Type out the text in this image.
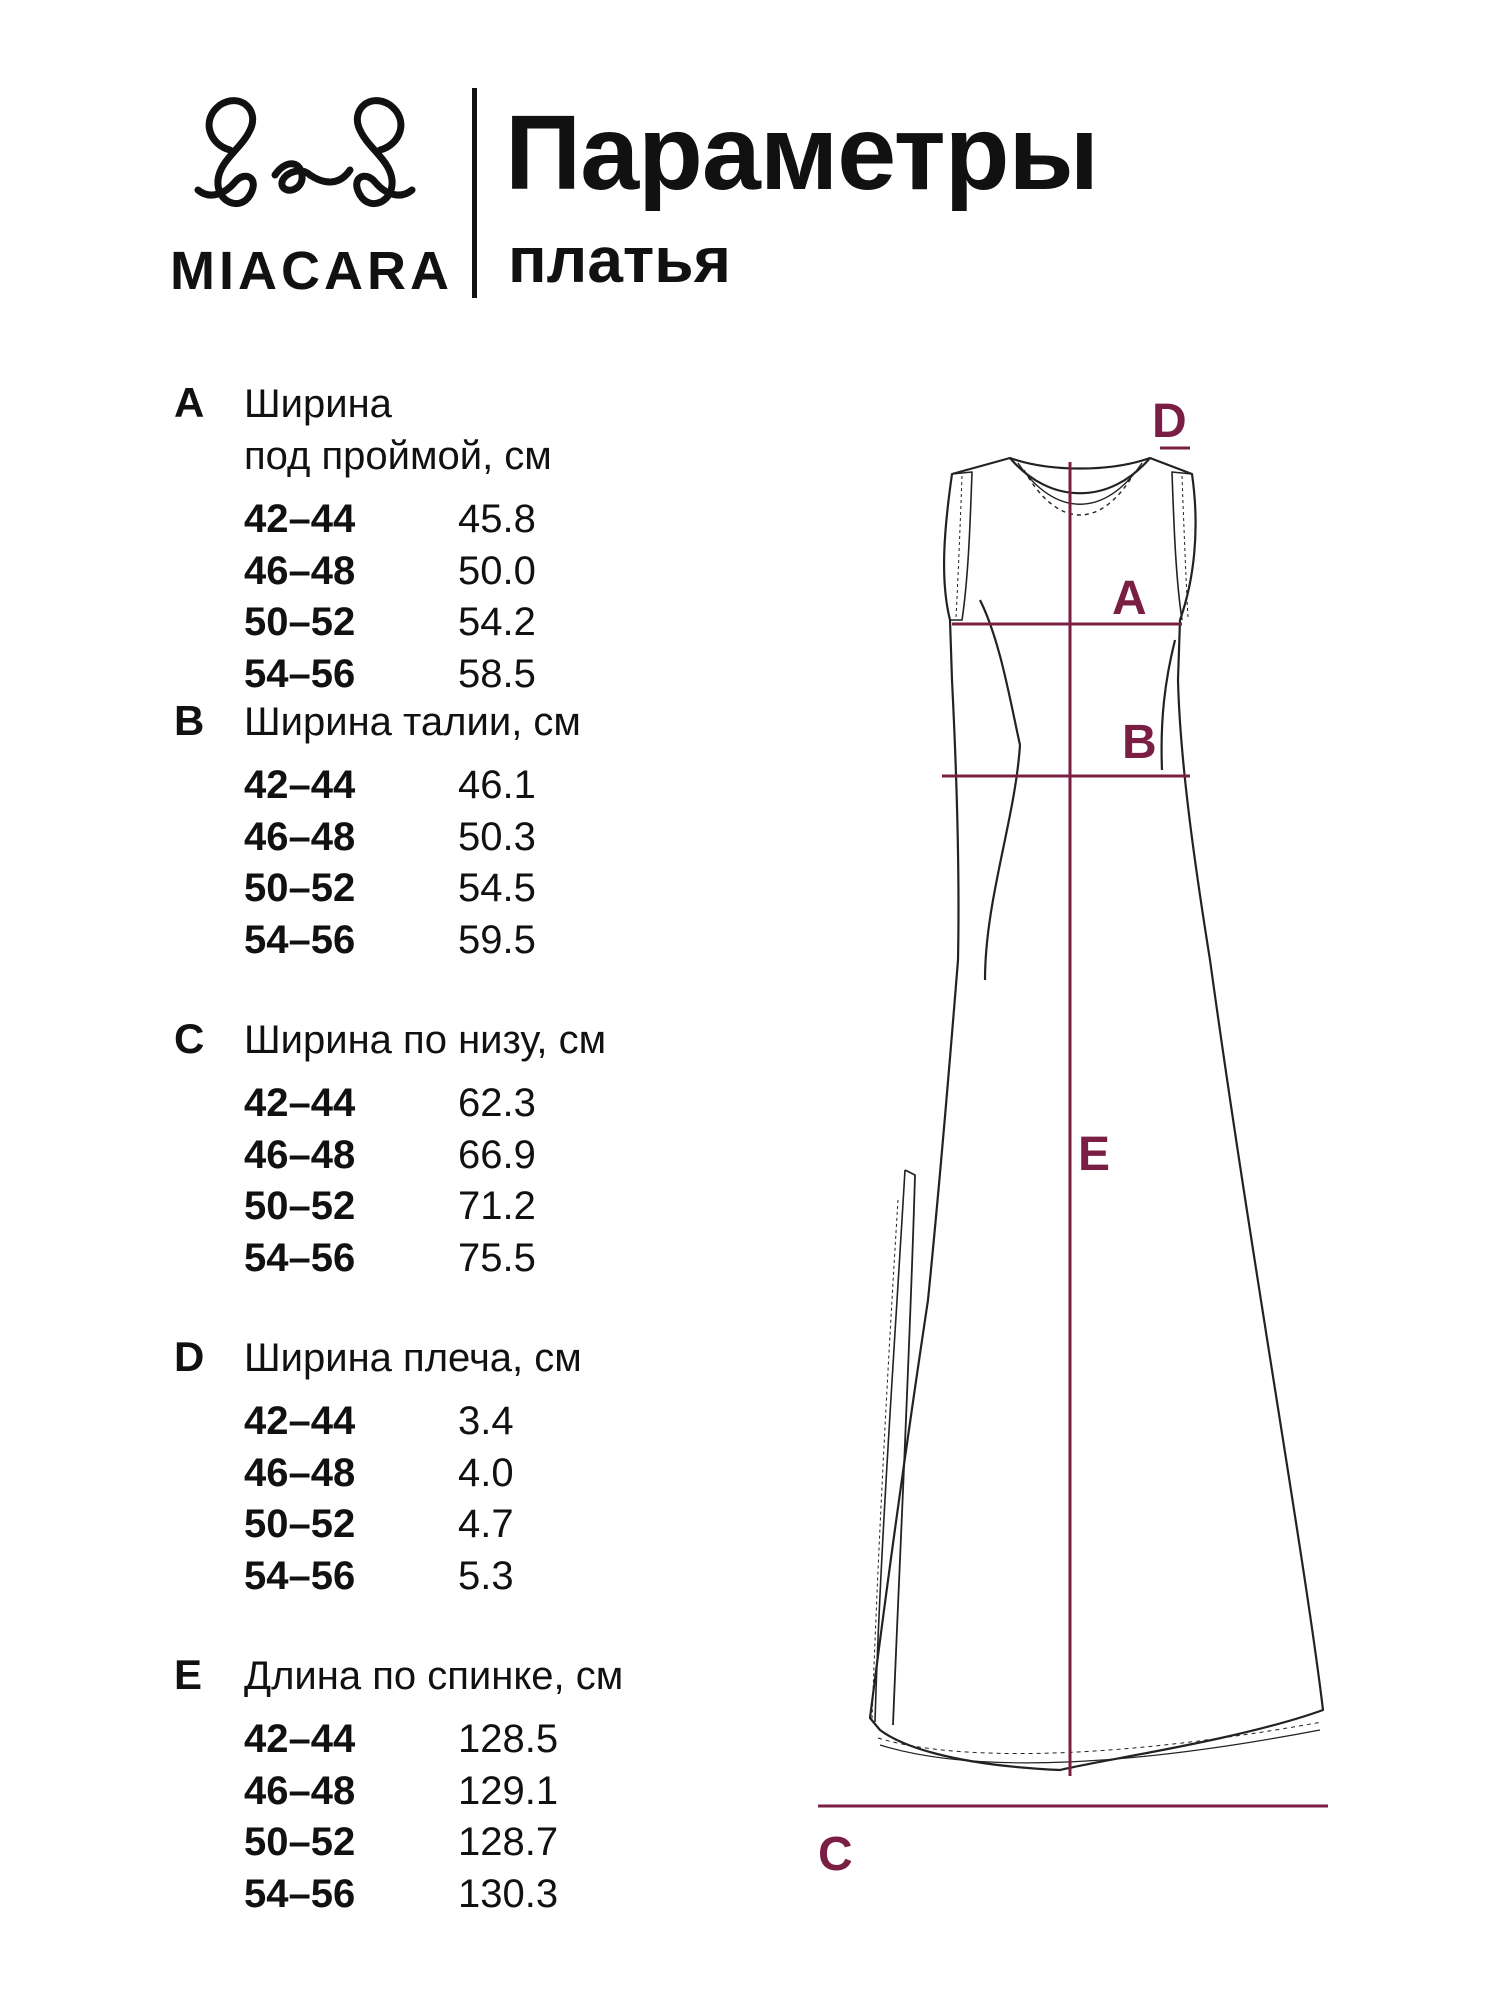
MIACARA
Параметры
платья
A Ширина
под проймой, см
42–44	45.8
46–48	50.0
50–52	54.2
54–56	58.5
B Ширина талии, см
42–44	46.1
46–48	50.3
50–52	54.5
54–56	59.5
C Ширина по низу, см
42–44	62.3
46–48	66.9
50–52	71.2
54–56	75.5
D Ширина плеча, см
42–44	3.4
46–48	4.0
50–52	4.7
54–56	5.3
E Длина по спинке, см
42–44	128.5
46–48	129.1
50–52	128.7
54–56	130.3
D
A
B
E
C
